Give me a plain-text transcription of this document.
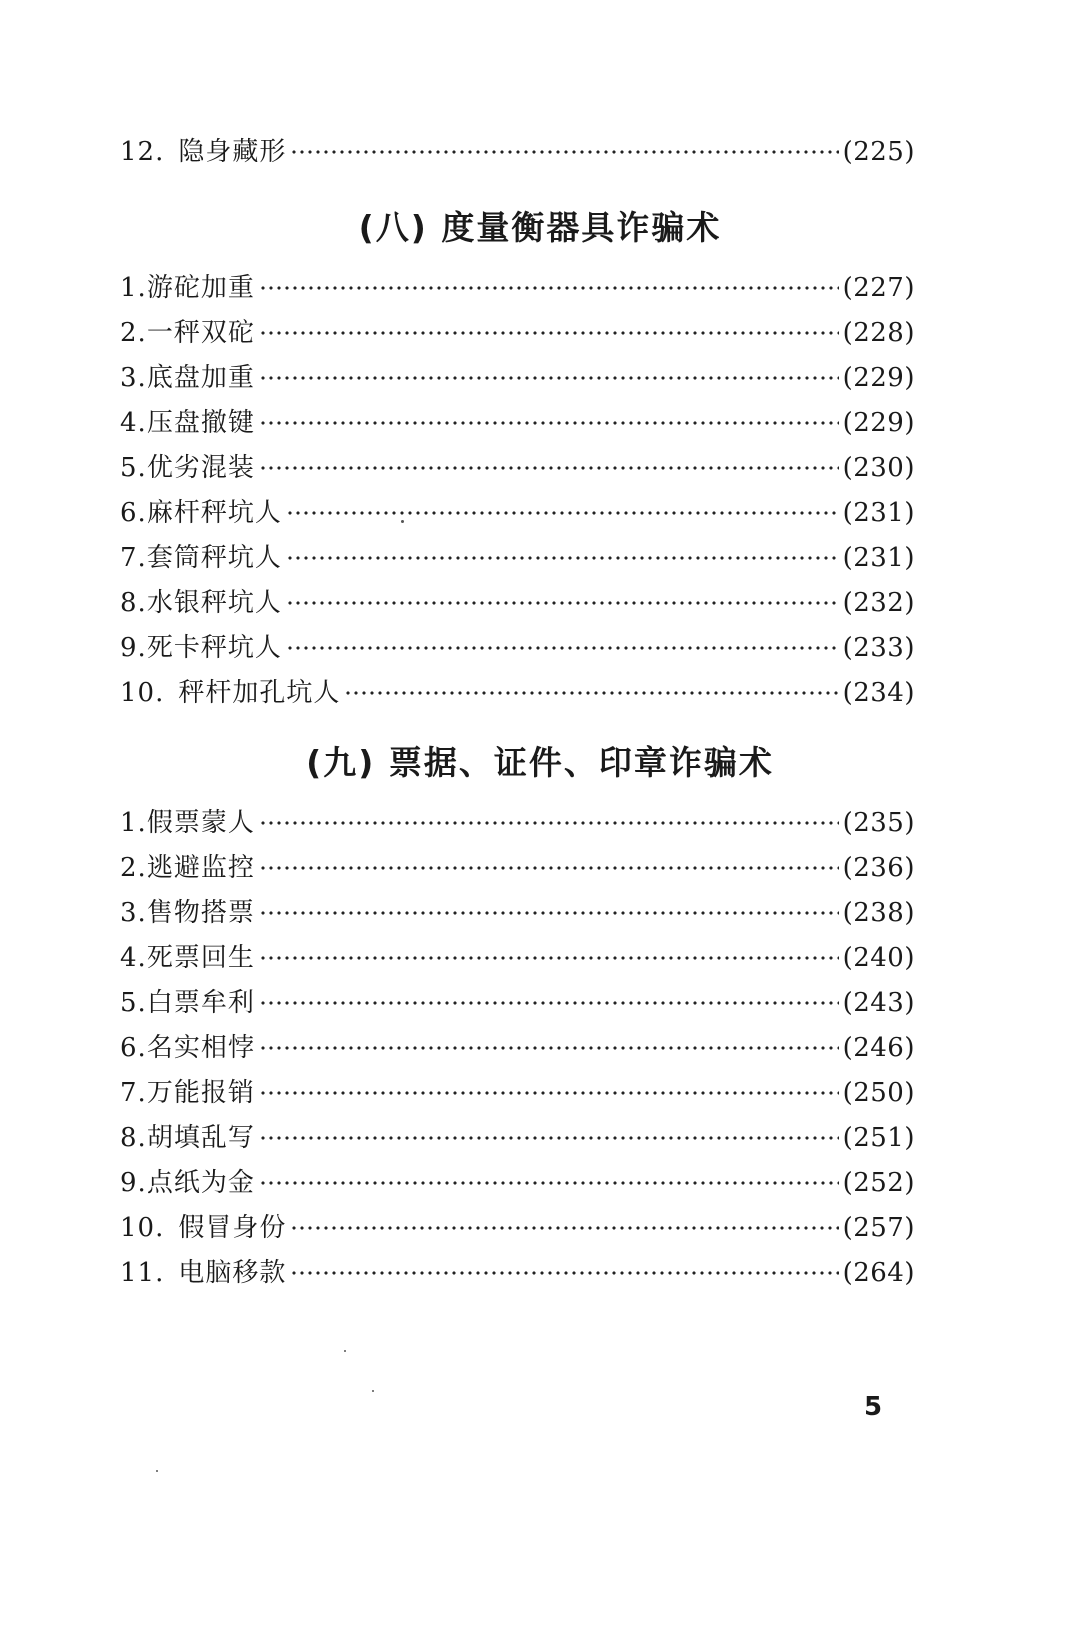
12. 隐身藏形	(225)
(八) 度量衡器具诈骗术
1.游砣加重	(227)
2.一秤双砣	(228)
3.底盘加重	(229)
4.压盘撤键	(229)
5.优劣混装	(230)
6.麻杆秤坑人	(231)
7.套筒秤坑人	(231)
8.水银秤坑人	(232)
9.死卡秤坑人	(233)
10. 秤杆加孔坑人	(234)
(九) 票据、证件、印章诈骗术
1.假票蒙人	(235)
2.逃避监控	(236)
3.售物搭票	(238)
4.死票回生	(240)
5.白票牟利	(243)
6.名实相悖	(246)
7.万能报销	(250)
8.胡填乱写	(251)
9.点纸为金	(252)
10. 假冒身份	(257)
11. 电脑移款	(264)
5
